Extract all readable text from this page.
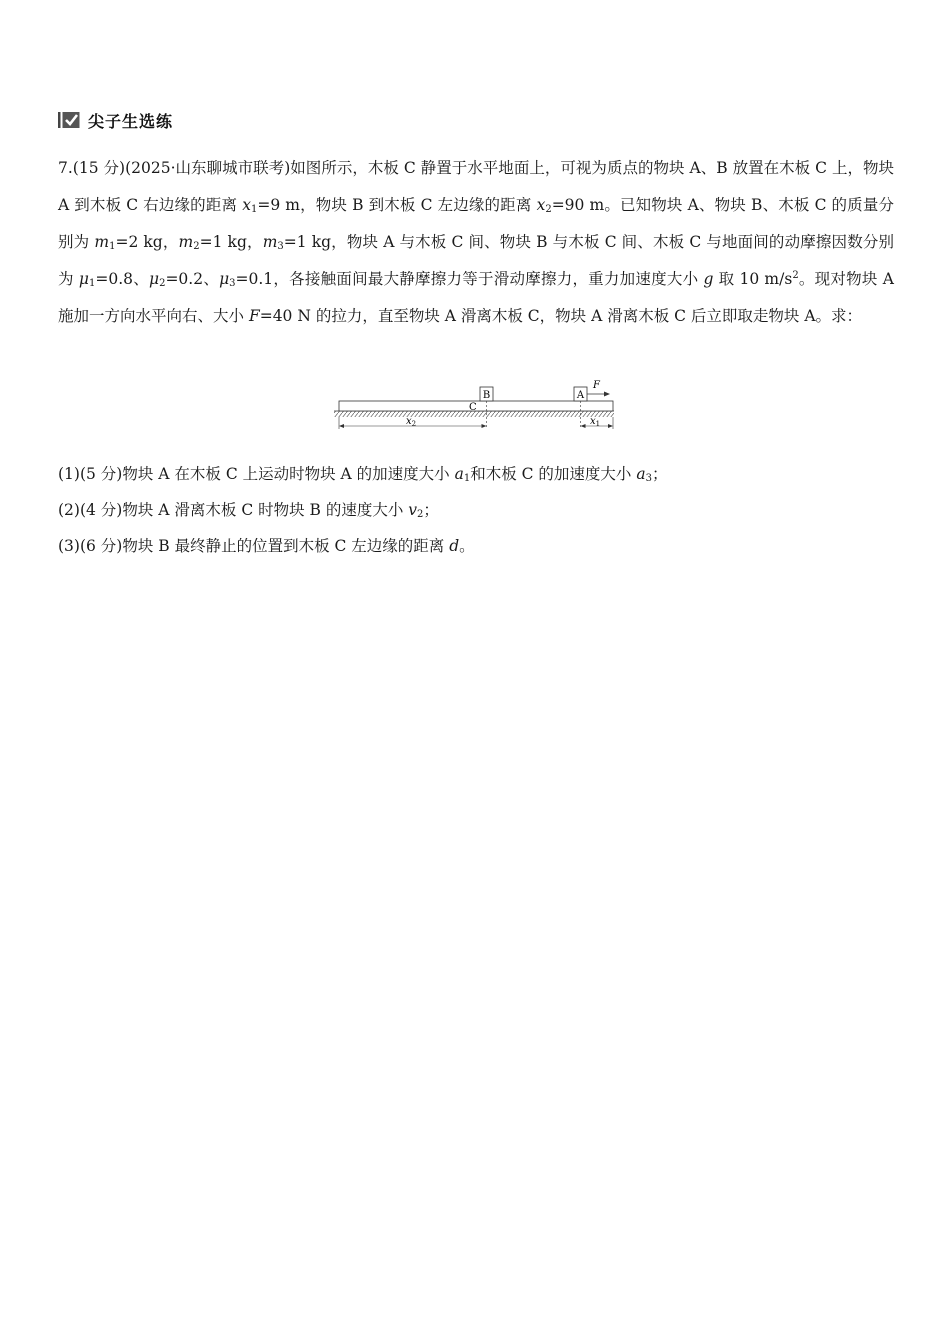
尖子生选练
7.(15 分)(2025·山东聊城市联考)如图所示，木板 C 静置于水平地面上，可视为质点的物块 A、B 放置在木板 C 上，物块 A 到木板 C 右边缘的距离 $x_1=9$ m，物块 B 到木板 C 左边缘的距离 $x_2=90$ m。已知物块 A、物块 B、木板 C 的质量分别为 $m_1=2$ kg，$m_2=1$ kg，$m_3=1$ kg，物块 A 与木板 C 间、物块 B 与木板 C 间、木板 C 与地面间的动摩擦因数分别为 $\mu_1=0.8$、$\mu_2=0.2$、$\mu_3=0.1$，各接触面间最大静摩擦力等于滑动摩擦力，重力加速度大小 g 取 10 $m/s^2$。现对物块 A 施加一方向水平向右、大小 F=40 N 的拉力，直至物块 A 滑离木板 C，物块 A 滑离木板 C 后立即取走物块 A。求：
B	A
C
F
$x_2$	$x_1$
(1)(5 分)物块 A 在木板 C 上运动时物块 A 的加速度大小 $a_1$和木板 C 的加速度大小 $a_3$；
(2)(4 分)物块 A 滑离木板 C 时物块 B 的速度大小 $v_2$；
(3)(6 分)物块 B 最终静止的位置到木板 C 左边缘的距离 d。
